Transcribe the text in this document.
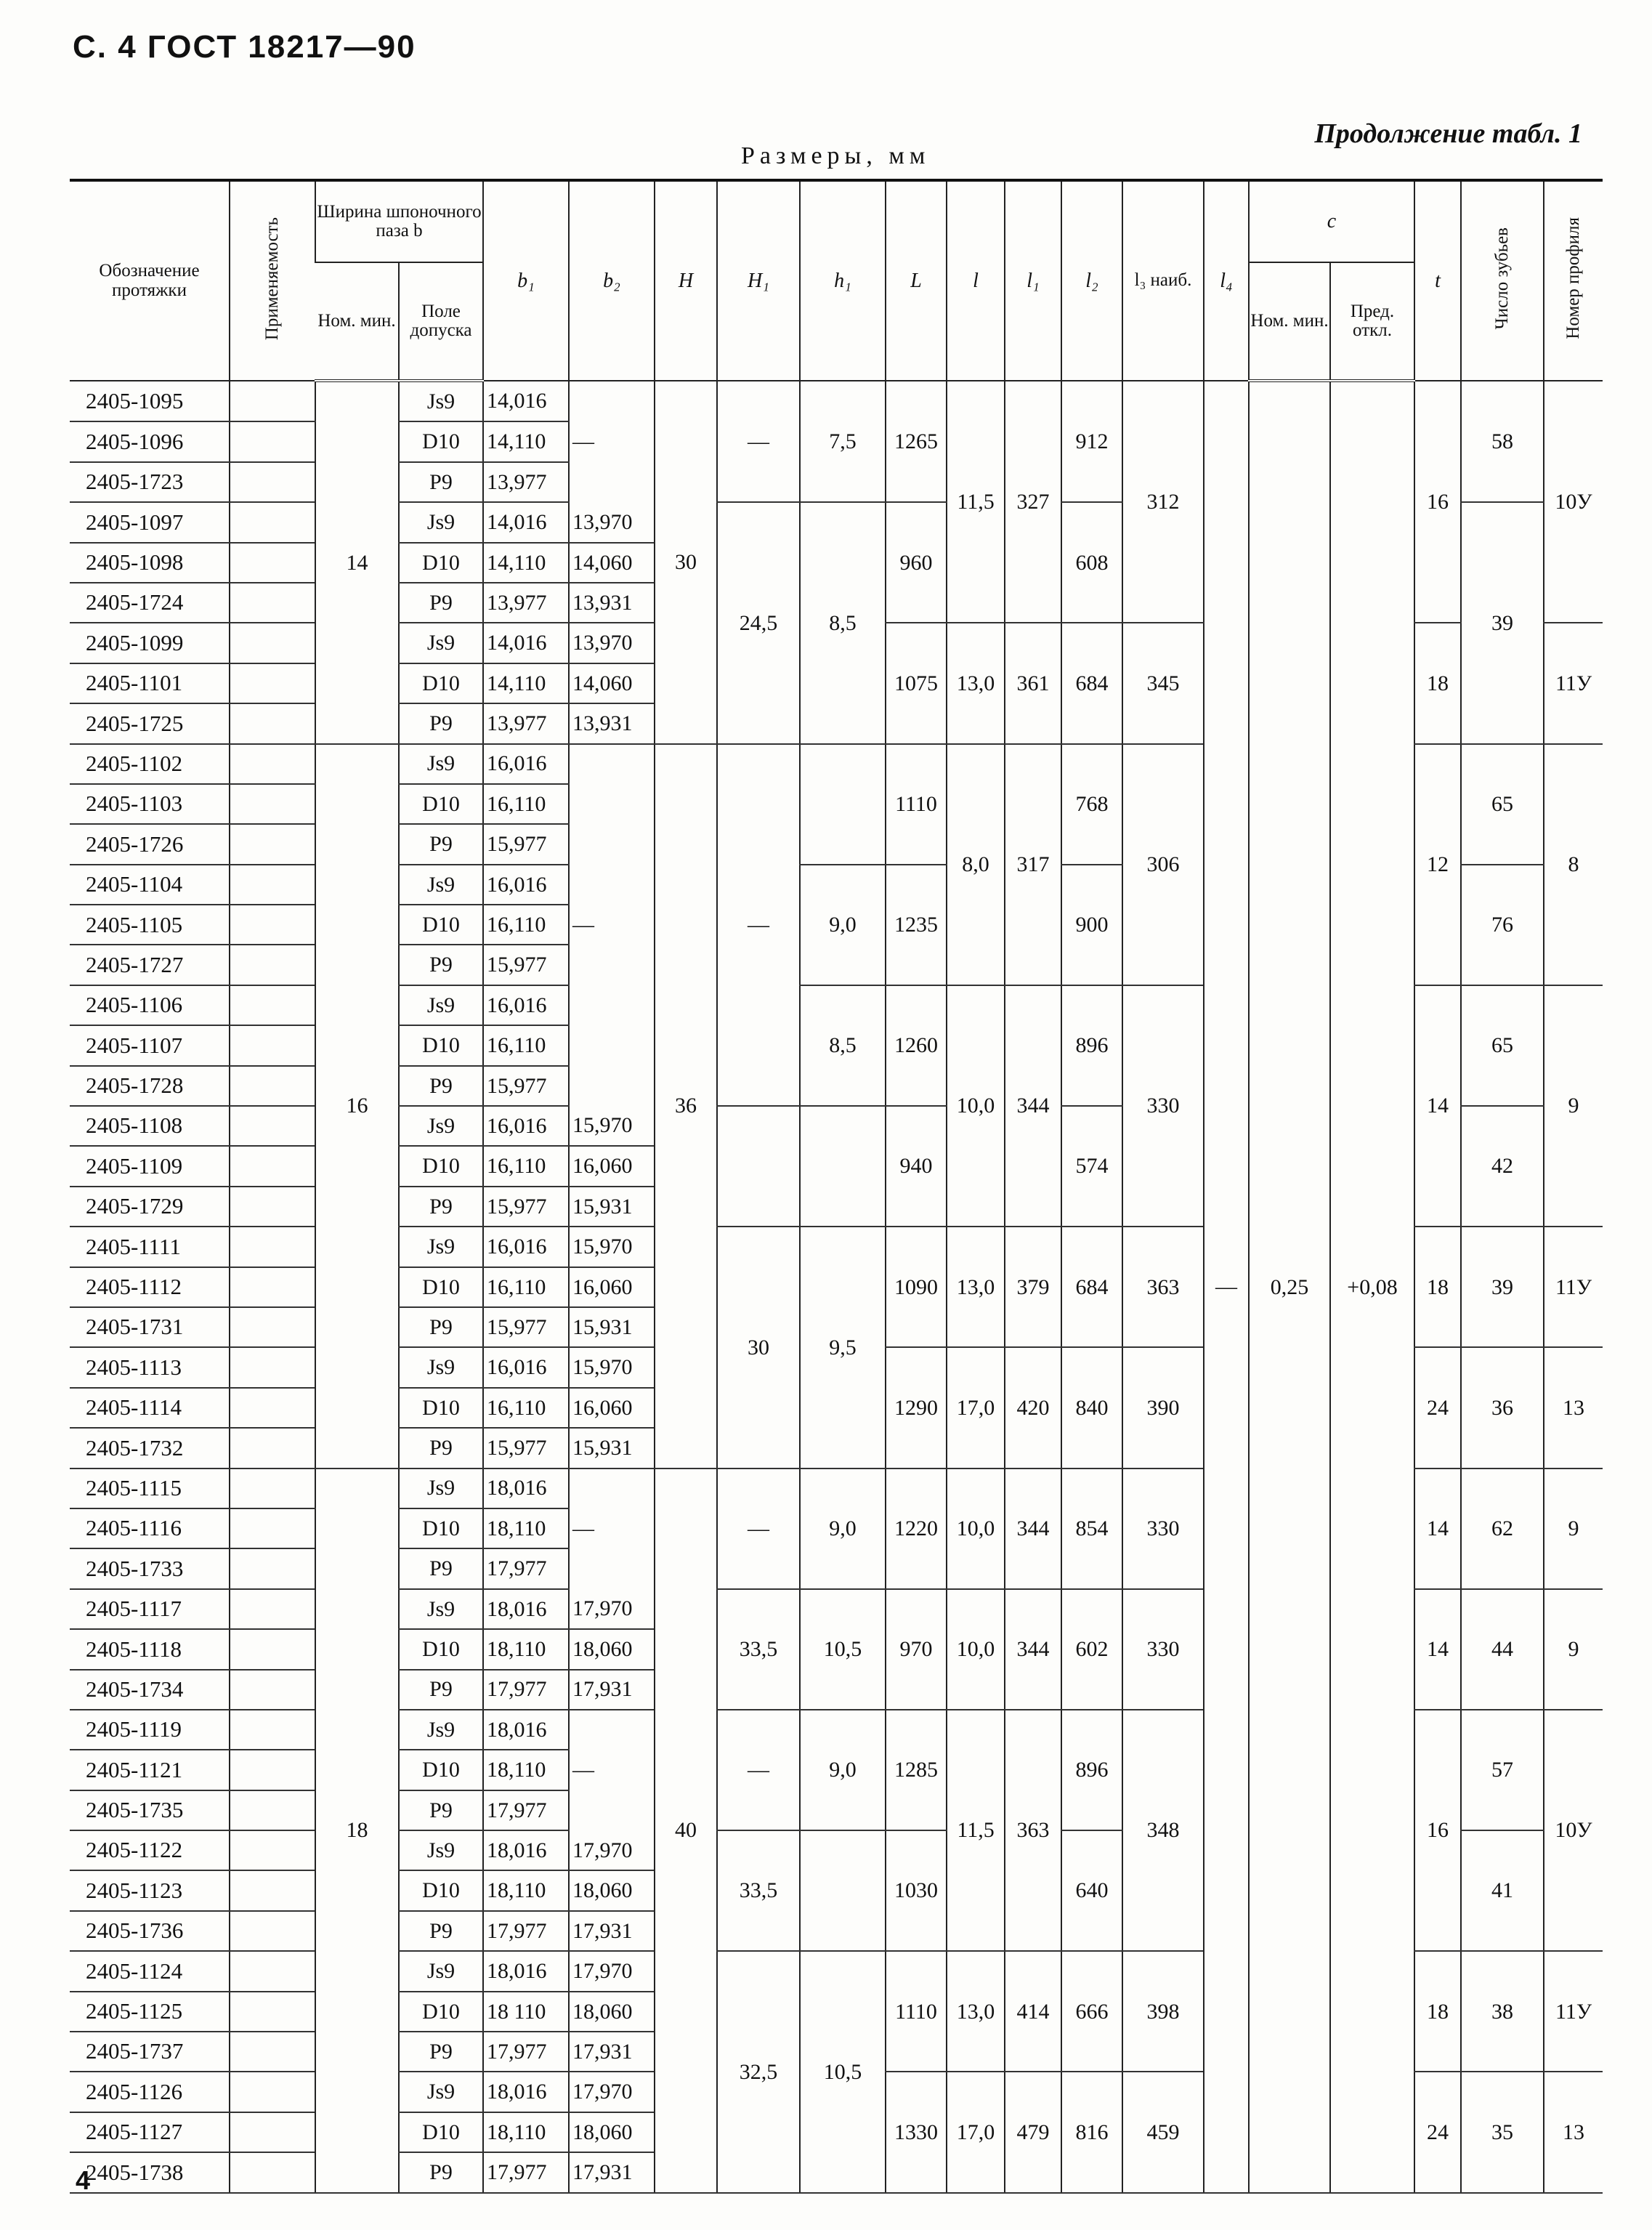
С. 4 ГОСТ 18217—90
Продолжение табл. 1
Размеры, мм
Обозначение протяжки	Применяемость	Ширина шпоночного паза b		b₁	b₂	H	H₁	h₁	L	l	l₁	l₂	l₃ наиб.	l₄	c		t	Число зубьев	Номер профиля
		Ном. мин.	Поле допуска												Ном. мин.	Пред. откл.			
2405-1095		14	Js9	14,016		30	—	7,5	1265	11,5	327	912	312	—	0,25	+0,08	16	58	10У
2405-1096			D10	14,110	—														
2405-1723			P9	13,977															
2405-1097			Js9	14,016	13,970		24,5	8,5	960			608						39	
2405-1098			D10	14,110	14,060														
2405-1724			P9	13,977	13,931														
2405-1099			Js9	14,016	13,970				1075	13,0	361	684	345				18		11У
2405-1101			D10	14,110	14,060														
2405-1725			P9	13,977	13,931														
2405-1102		16	Js9	16,016		36	—		1110	8,0	317	768	306				12	65	8
2405-1103			D10	16,110															
2405-1726			P9	15,977															
2405-1104			Js9	16,016				9,0	1235			900						76	
2405-1105			D10	16,110	—														
2405-1727			P9	15,977															
2405-1106			Js9	16,016				8,5	1260	10,0	344	896	330				14	65	9
2405-1107			D10	16,110															
2405-1728			P9	15,977															
2405-1108			Js9	16,016	15,970				940			574						42	
2405-1109			D10	16,110	16,060														
2405-1729			P9	15,977	15,931														
2405-1111			Js9	16,016	15,970		30	9,5	1090	13,0	379	684	363				18	39	11У
2405-1112			D10	16,110	16,060														
2405-1731			P9	15,977	15,931														
2405-1113			Js9	16,016	15,970				1290	17,0	420	840	390				24	36	13
2405-1114			D10	16,110	16,060														
2405-1732			P9	15,977	15,931														
2405-1115		18	Js9	18,016		40	—	9,0	1220	10,0	344	854	330				14	62	9
2405-1116			D10	18,110	—														
2405-1733			P9	17,977															
2405-1117			Js9	18,016	17,970		33,5	10,5	970	10,0	344	602	330				14	44	9
2405-1118			D10	18,110	18,060														
2405-1734			P9	17,977	17,931														
2405-1119			Js9	18,016			—	9,0	1285	11,5	363	896	348				16	57	10У
2405-1121			D10	18,110	—														
2405-1735			P9	17,977															
2405-1122			Js9	18,016	17,970		33,5		1030			640						41	
2405-1123			D10	18,110	18,060														
2405-1736			P9	17,977	17,931														
2405-1124			Js9	18,016	17,970		32,5	10,5	1110	13,0	414	666	398				18	38	11У
2405-1125			D10	18 110	18,060														
2405-1737			P9	17,977	17,931														
2405-1126			Js9	18,016	17,970				1330	17,0	479	816	459				24	35	13
2405-1127			D10	18,110	18,060														
2405-1738			P9	17,977	17,931														
4
